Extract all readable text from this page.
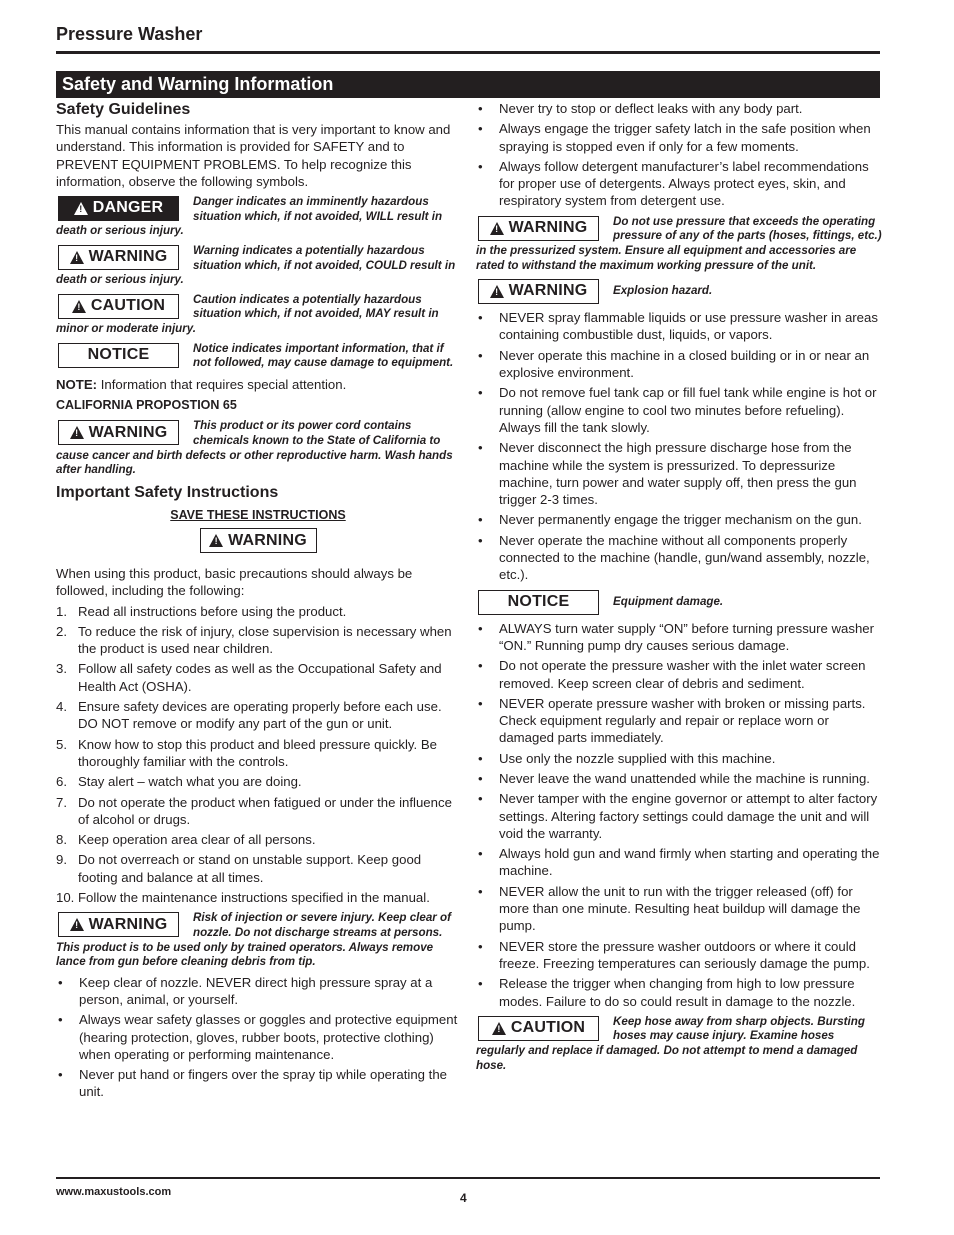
Pressure Washer
Safety and Warning Information
Safety Guidelines
This manual contains information that is very important to know and understand. This information is provided for SAFETY and to PREVENT EQUIPMENT PROBLEMS. To help recognize this information, observe the following symbols.
! DANGER	Danger indicates an imminently hazardous situation which, if not avoided, WILL result in death or serious injury.
! WARNING Warning indicates a potentially hazardous situation which, if not avoided, COULD result in death or serious injury.
! CAUTION Caution indicates a potentially hazardous situation which, if not avoided, MAY result in minor or moderate injury.
NOTICE	Notice indicates important information, that if not followed, may cause damage to equipment.
NOTE: Information that requires special attention.
CALIFORNIA PROPOSTION 65
! WARNING This product or its power cord contains chemicals known to the State of California to cause cancer and birth defects or other reproductive harm. Wash hands after handling.
Important Safety Instructions
SAVE THESE INSTRUCTIONS
! WARNING
When using this product, basic precautions should always be followed, including the following:
1. Read all instructions before using the product.
2. To reduce the risk of injury, close supervision is necessary when the product is used near children.
3. Follow all safety codes as well as the Occupational Safety and Health Act (OSHA).
4. Ensure safety devices are operating properly before each use. DO NOT remove or modify any part of the gun or unit.
5. Know how to stop this product and bleed pressure quickly. Be thoroughly familiar with the controls.
6. Stay alert – watch what you are doing.
7. Do not operate the product when fatigued or under the influence of alcohol or drugs.
8. Keep operation area clear of all persons.
9. Do not overreach or stand on unstable support. Keep good footing and balance at all times.
10. Follow the maintenance instructions specified in the manual.
! WARNING Risk of injection or severe injury. Keep clear of nozzle. Do not discharge streams at persons. This product is to be used only by trained operators. Always remove lance from gun before cleaning debris from tip.
• Keep clear of nozzle. NEVER direct high pressure spray at a person, animal, or yourself.
• Always wear safety glasses or goggles and protective equipment (hearing protection, gloves, rubber boots, protective clothing) when operating or performing maintenance.
• Never put hand or fingers over the spray tip while operating the unit.
• Never try to stop or deflect leaks with any body part.
• Always engage the trigger safety latch in the safe position when spraying is stopped even if only for a few moments.
• Always follow detergent manufacturer’s label recommendations for proper use of detergents. Always protect eyes, skin, and respiratory system from detergent use.
! WARNING Do not use pressure that exceeds the operating pressure of any of the parts (hoses, fittings, etc.) in the pressurized system. Ensure all equipment and accessories are rated to withstand the maximum working pressure of the unit.
! WARNING Explosion hazard.
• NEVER spray flammable liquids or use pressure washer in areas containing combustible dust, liquids, or vapors.
• Never operate this machine in a closed building or in or near an explosive environment.
• Do not remove fuel tank cap or fill fuel tank while engine is hot or running (allow engine to cool two minutes before refueling). Always fill the tank slowly.
• Never disconnect the high pressure discharge hose from the machine while the system is pressurized. To depressurize machine, turn power and water supply off, then press the gun trigger 2-3 times.
• Never permanently engage the trigger mechanism on the gun.
• Never operate the machine without all components properly connected to the machine (handle, gun/wand assembly, nozzle, etc.).
NOTICE	Equipment damage.
• ALWAYS turn water supply “ON” before turning pressure washer “ON.” Running pump dry causes serious damage.
• Do not operate the pressure washer with the inlet water screen removed. Keep screen clear of debris and sediment.
• NEVER operate pressure washer with broken or missing parts. Check equipment regularly and repair or replace worn or damaged parts immediately.
• Use only the nozzle supplied with this machine.
• Never leave the wand unattended while the machine is running.
• Never tamper with the engine governor or attempt to alter factory settings. Altering factory settings could damage the unit and will void the warranty.
• Always hold gun and wand firmly when starting and operating the machine.
• NEVER allow the unit to run with the trigger released (off) for more than one minute. Resulting heat buildup will damage the pump.
• NEVER store the pressure washer outdoors or where it could freeze. Freezing temperatures can seriously damage the pump.
• Release the trigger when changing from high to low pressure modes. Failure to do so could result in damage to the nozzle.
! CAUTION Keep hose away from sharp objects. Bursting hoses may cause injury. Examine hoses regularly and replace if damaged. Do not attempt to mend a damaged hose.
www.maxustools.com	4
